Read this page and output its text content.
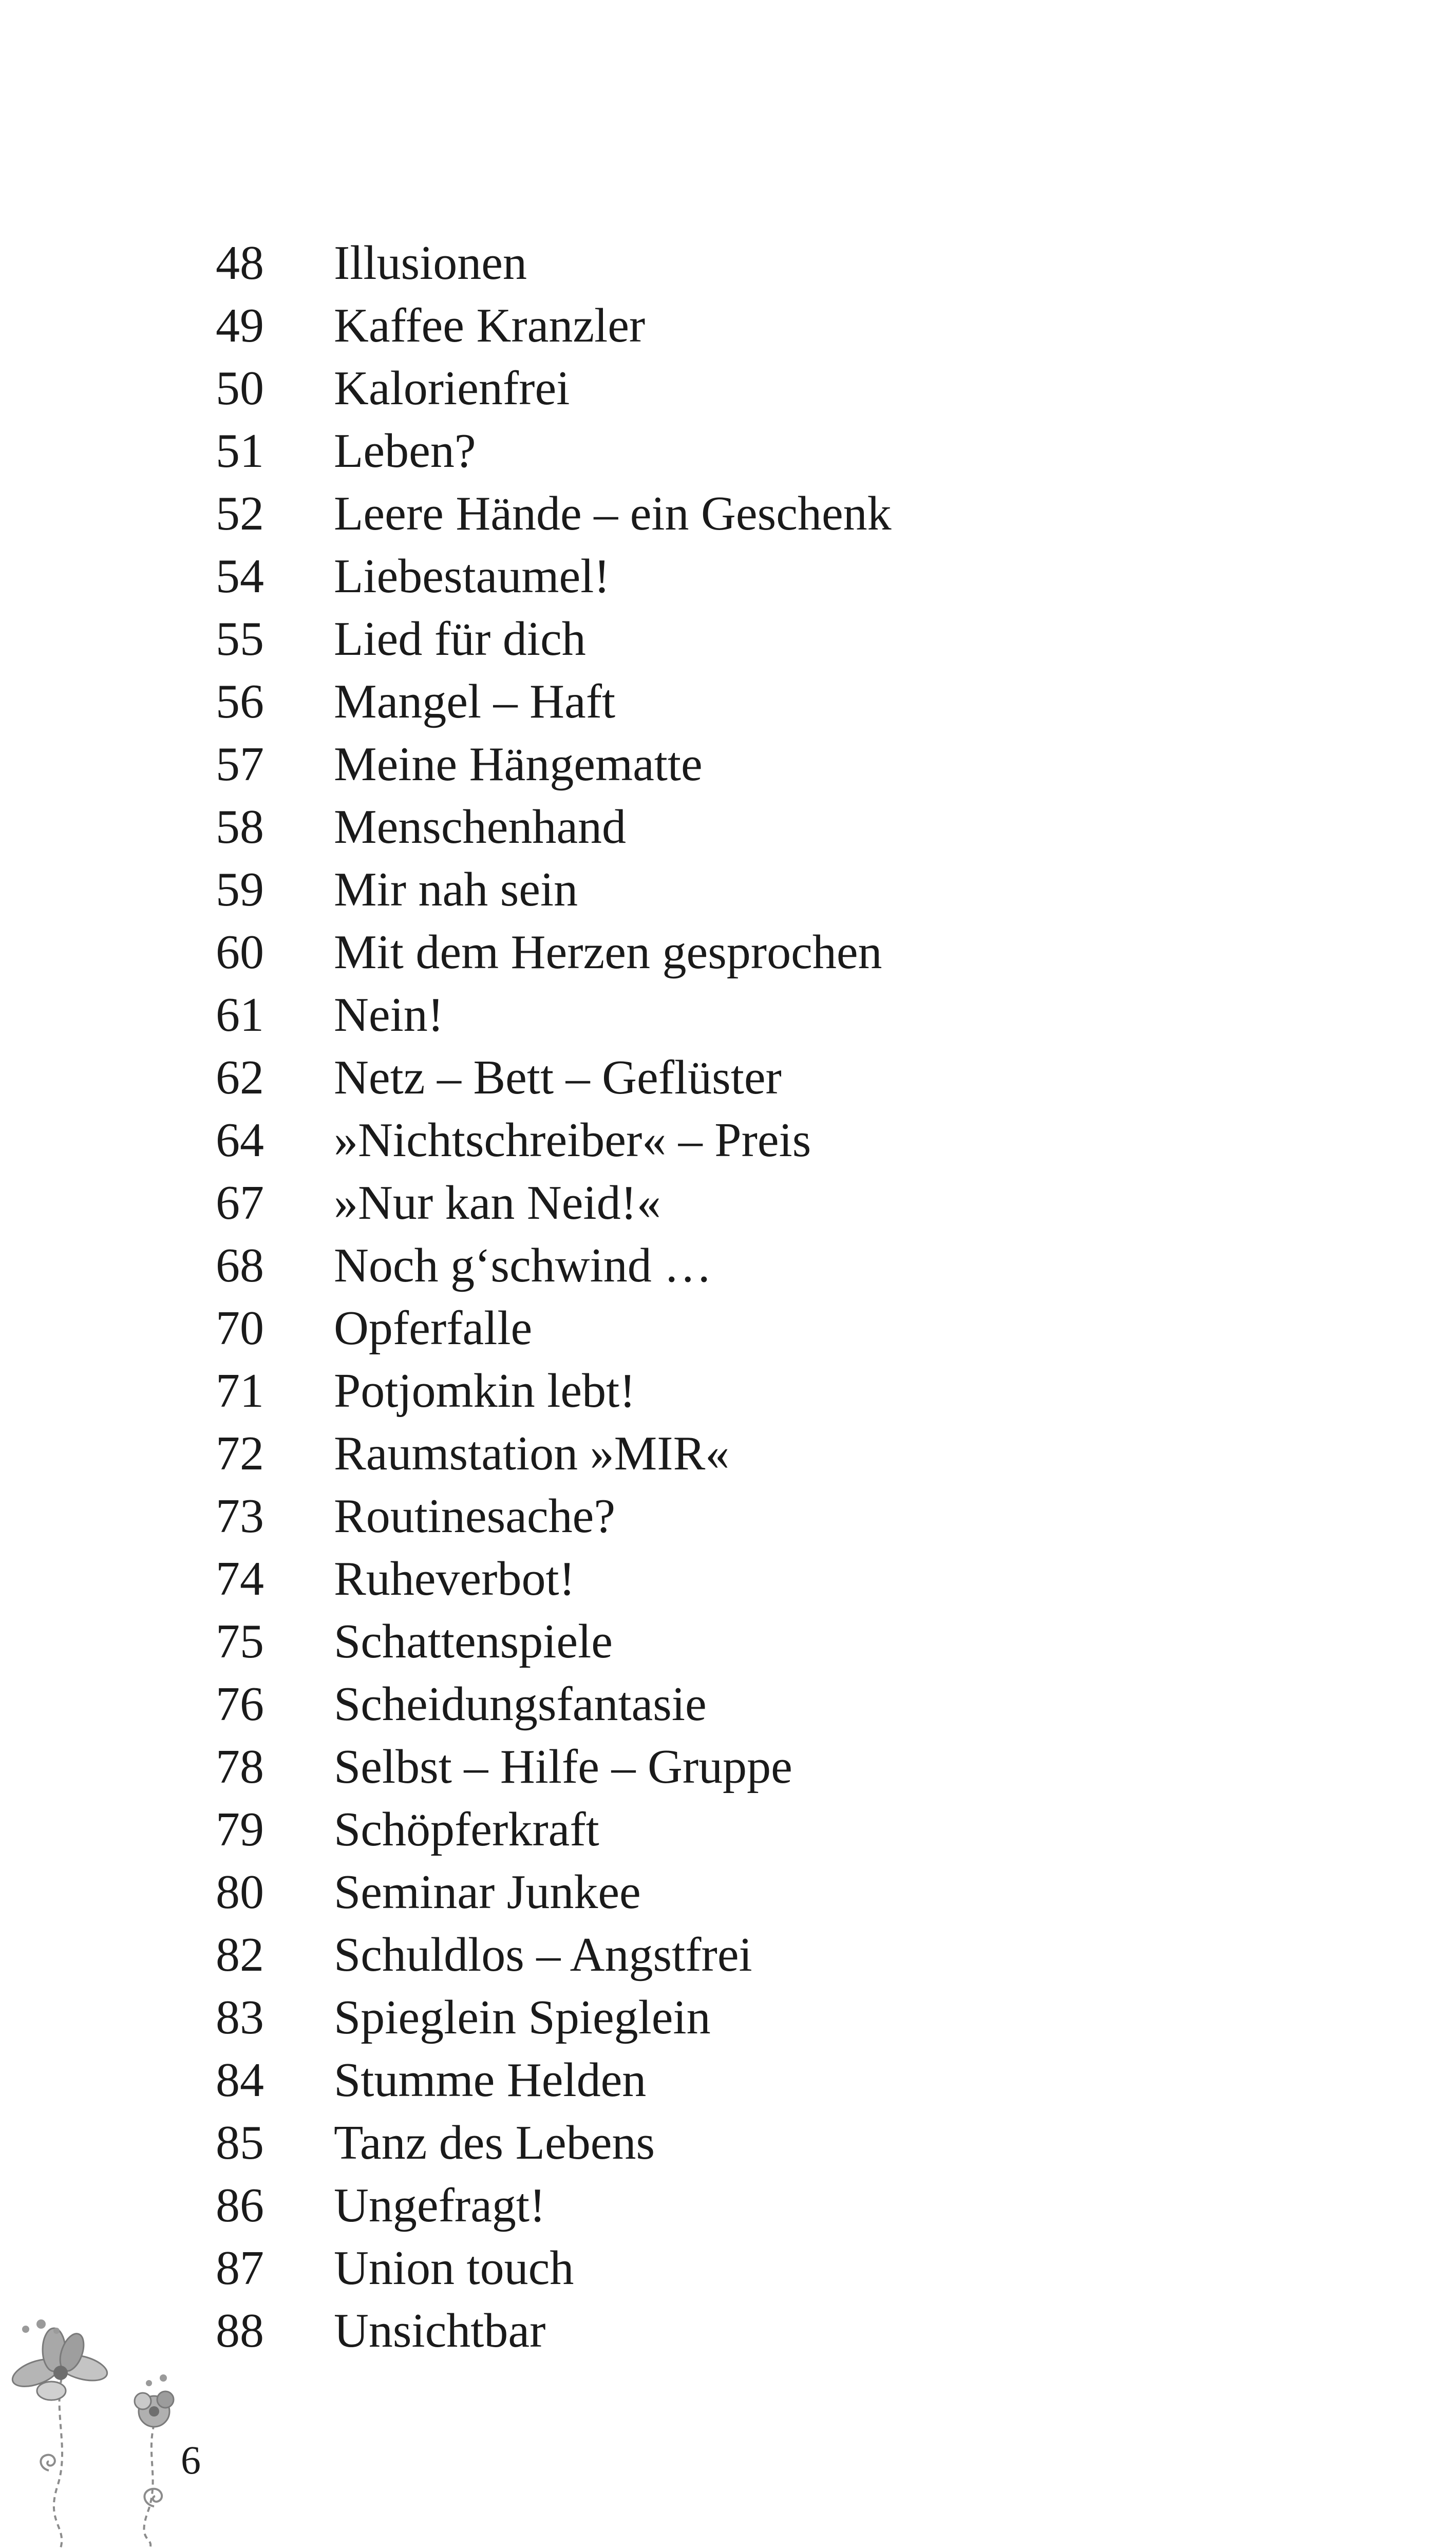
48	Illusionen
49	Kaffee Kranzler
50	Kalorienfrei
51	Leben?
52	Leere Hände – ein Geschenk
54	Liebestaumel!
55	Lied für dich
56	Mangel – Haft
57	Meine Hängematte
58	Menschenhand
59	Mir nah sein
60	Mit dem Herzen gesprochen
61	Nein!
62	Netz – Bett – Geflüster
64	»Nichtschreiber« – Preis
67	»Nur kan Neid!«
68	Noch g‘schwind …
70	Opferfalle
71	Potjomkin lebt!
72	Raumstation »MIR«
73	Routinesache?
74	Ruheverbot!
75	Schattenspiele
76	Scheidungsfantasie
78	Selbst – Hilfe – Gruppe
79	Schöpferkraft
80	Seminar Junkee
82	Schuldlos – Angstfrei
83	Spieglein Spieglein
84	Stumme Helden
85	Tanz des Lebens
86	Ungefragt!
87	Union touch
88	Unsichtbar
6
